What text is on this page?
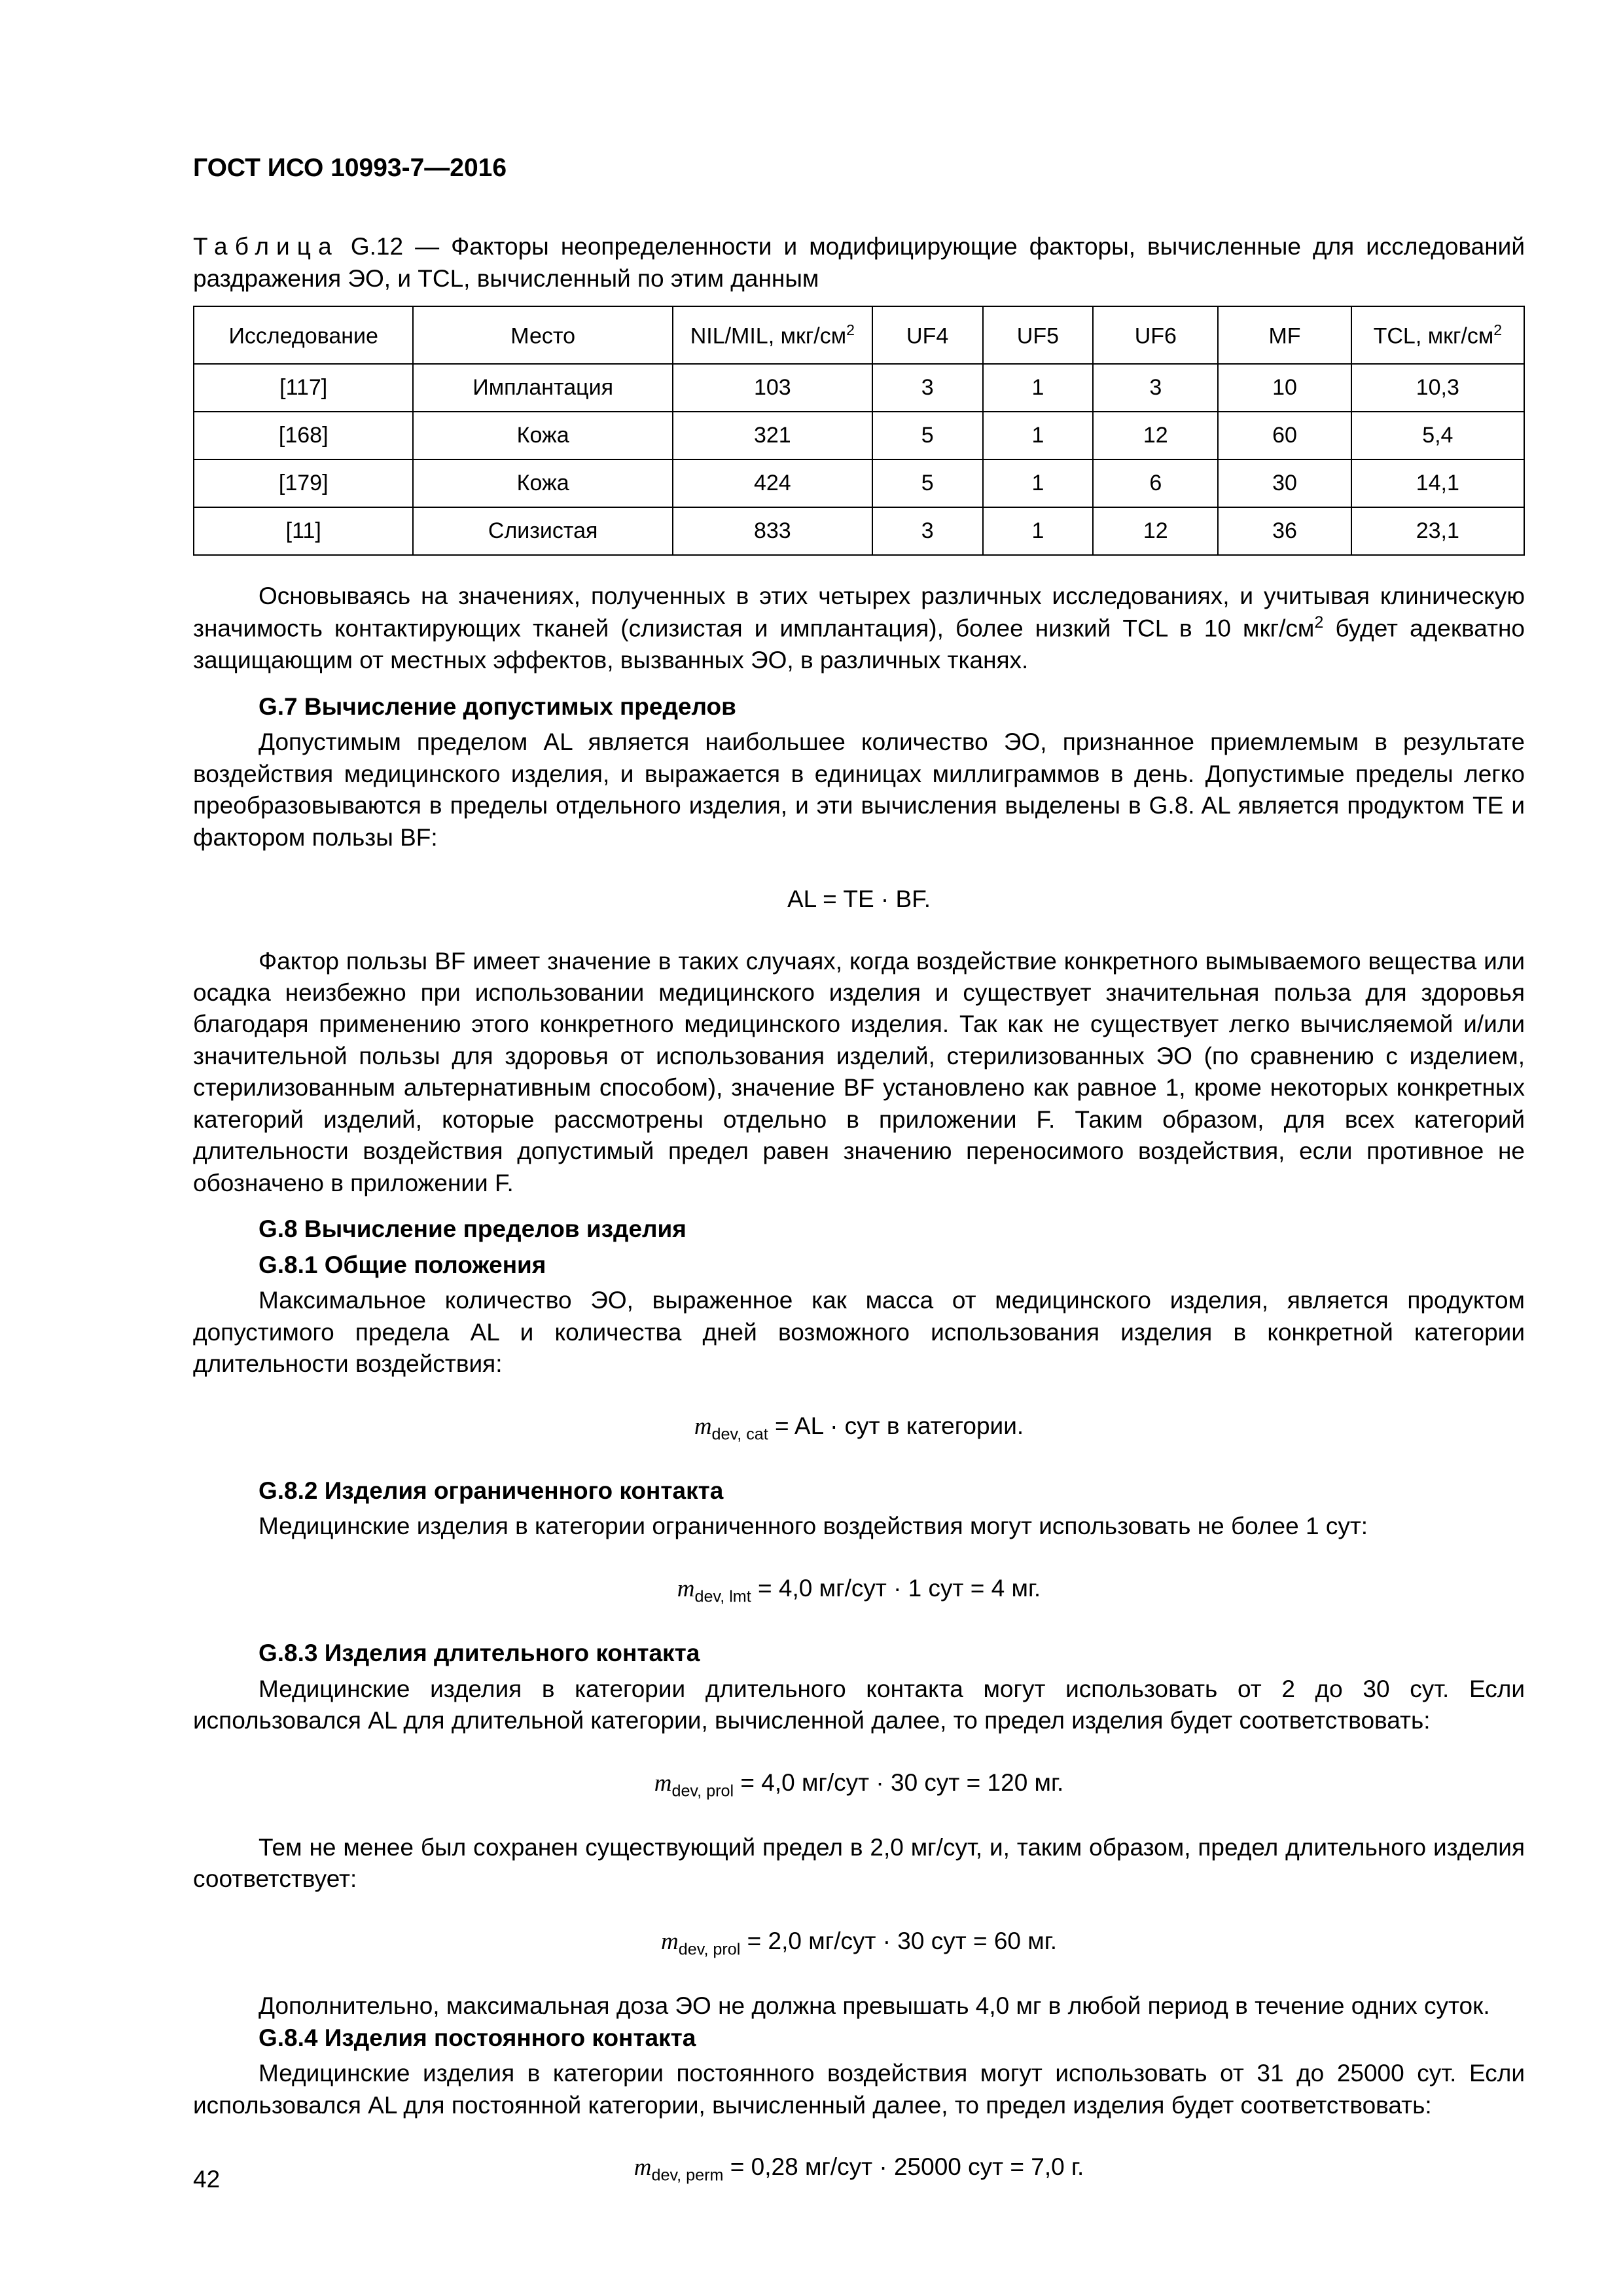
ГОСТ ИСО 10993-7—2016

Таблица G.12 — Факторы неопределенности и модифицирующие факторы, вычисленные для исследований раздражения ЭО, и TCL, вычисленный по этим данным

Исследование	Место	NIL/MIL, мкг/$см^2$	UF4	UF5	UF6	MF	TCL, мкг/$см^2$
[117]	Имплантация	103	3	1	3	10	10,3
[168]	Кожа	321	5	1	12	60	5,4
[179]	Кожа	424	5	1	6	30	14,1
[11]	Слизистая	833	3	1	12	36	23,1

Основываясь на значениях, полученных в этих четырех различных исследованиях, и учитывая клиническую значимость контактирующих тканей (слизистая и имплантация), более низкий TCL в 10 мкг/$см^2$ будет адекватно защищающим от местных эффектов, вызванных ЭО, в различных тканях.

G.7 Вычисление допустимых пределов

Допустимым пределом AL является наибольшее количество ЭО, признанное приемлемым в результате воздействия медицинского изделия, и выражается в единицах миллиграммов в день. Допустимые пределы легко преобразовываются в пределы отдельного изделия, и эти вычисления выделены в G.8. AL является продуктом TE и фактором пользы BF:

AL = TE · BF.

Фактор пользы BF имеет значение в таких случаях, когда воздействие конкретного вымываемого вещества или осадка неизбежно при использовании медицинского изделия и существует значительная польза для здоровья благодаря применению этого конкретного медицинского изделия. Так как не существует легко вычисляемой и/или значительной пользы для здоровья от использования изделий, стерилизованных ЭО (по сравнению с изделием, стерилизованным альтернативным способом), значение BF установлено как равное 1, кроме некоторых конкретных категорий изделий, которые рассмотрены отдельно в приложении F. Таким образом, для всех категорий длительности воздействия допустимый предел равен значению переносимого воздействия, если противное не обозначено в приложении F.

G.8 Вычисление пределов изделия

G.8.1 Общие положения

Максимальное количество ЭО, выраженное как масса от медицинского изделия, является продуктом допустимого предела AL и количества дней возможного использования изделия в конкретной категории длительности воздействия:

$m_{dev, cat}$ = AL · сут в категории.

G.8.2 Изделия ограниченного контакта

Медицинские изделия в категории ограниченного воздействия могут использовать не более 1 сут:

$m_{dev, lmt} = 4,0$ мг/сут · 1 сут = 4 мг.

G.8.3 Изделия длительного контакта

Медицинские изделия в категории длительного контакта могут использовать от 2 до 30 сут. Если использовался AL для длительной категории, вычисленной далее, то предел изделия будет соответствовать:

$m_{dev, prol} = 4,0$ мг/сут · 30 сут = 120 мг.

Тем не менее был сохранен существующий предел в 2,0 мг/сут, и, таким образом, предел длительного изделия соответствует:

$m_{dev, prol} = 2,0$ мг/сут · 30 сут = 60 мг.

Дополнительно, максимальная доза ЭО не должна превышать 4,0 мг в любой период в течение одних суток.

G.8.4 Изделия постоянного контакта

Медицинские изделия в категории постоянного воздействия могут использовать от 31 до 25000 сут. Если использовался AL для постоянной категории, вычисленный далее, то предел изделия будет соответствовать:

$m_{dev, perm} = 0,28$ мг/сут · 25000 сут = 7,0 г.

42
